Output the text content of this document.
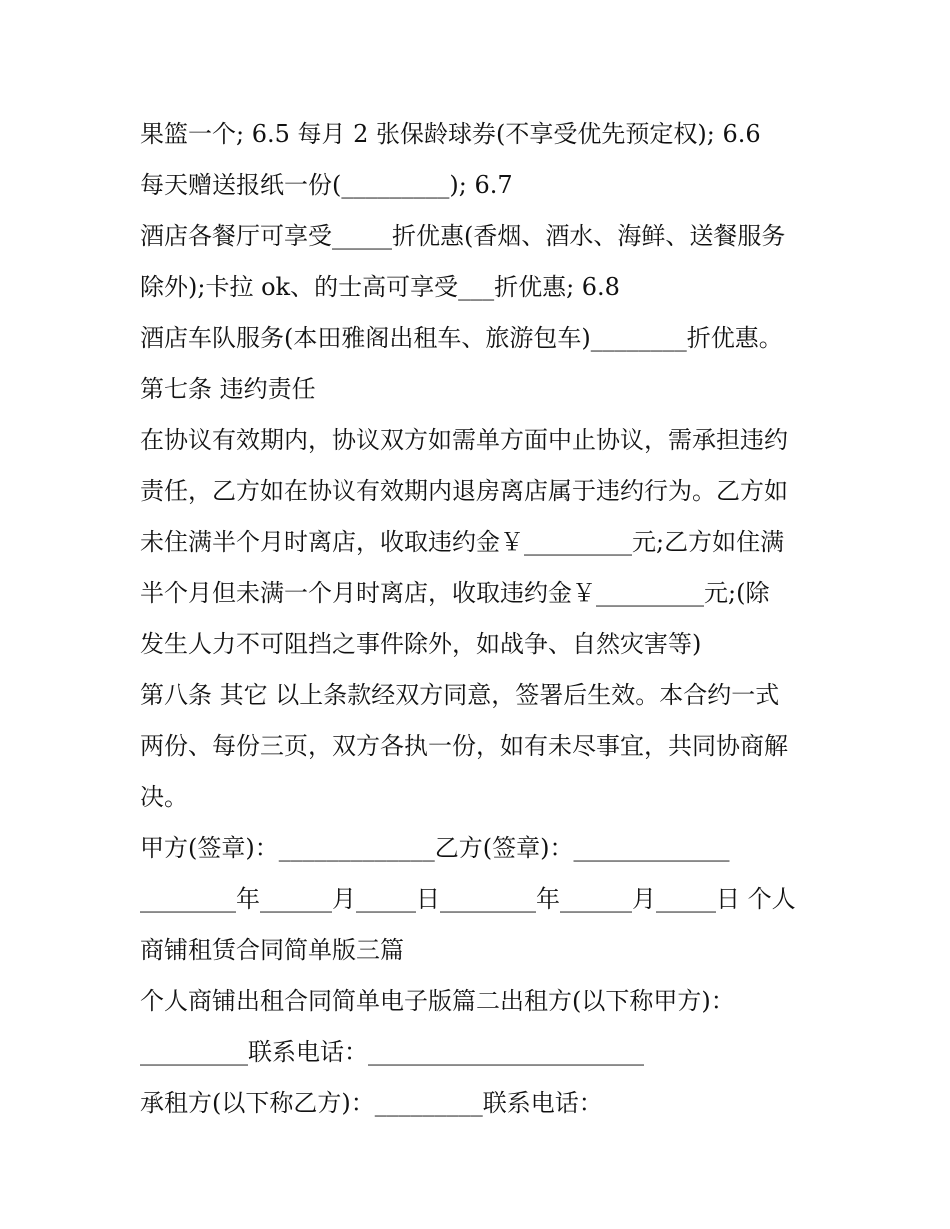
果篮一个; 6.5 每月 2 张保龄球券(不享受优先预定权); 6.6

每天赠送报纸一份(_________); 6.7

酒店各餐厅可享受_____折优惠(香烟、酒水、海鲜、送餐服务

除外);卡拉 ok、的士高可享受___折优惠; 6.8

酒店车队服务(本田雅阁出租车、旅游包车)________折优惠。

第七条 违约责任

在协议有效期内，协议双方如需单方面中止协议，需承担违约

责任，乙方如在协议有效期内退房离店属于违约行为。乙方如

未住满半个月时离店，收取违约金￥_________元;乙方如住满

半个月但未满一个月时离店，收取违约金￥_________元;(除

发生人力不可阻挡之事件除外，如战争、自然灾害等)

第八条 其它 以上条款经双方同意，签署后生效。本合约一式

两份、每份三页，双方各执一份，如有未尽事宜，共同协商解

决。

甲方(签章)：_____________乙方(签章)：_____________

________年______月_____日________年______月_____日 个人

商铺租赁合同简单版三篇

个人商铺出租合同简单电子版篇二出租方(以下称甲方)：

_________联系电话：_______________________

承租方(以下称乙方)：_________联系电话：
